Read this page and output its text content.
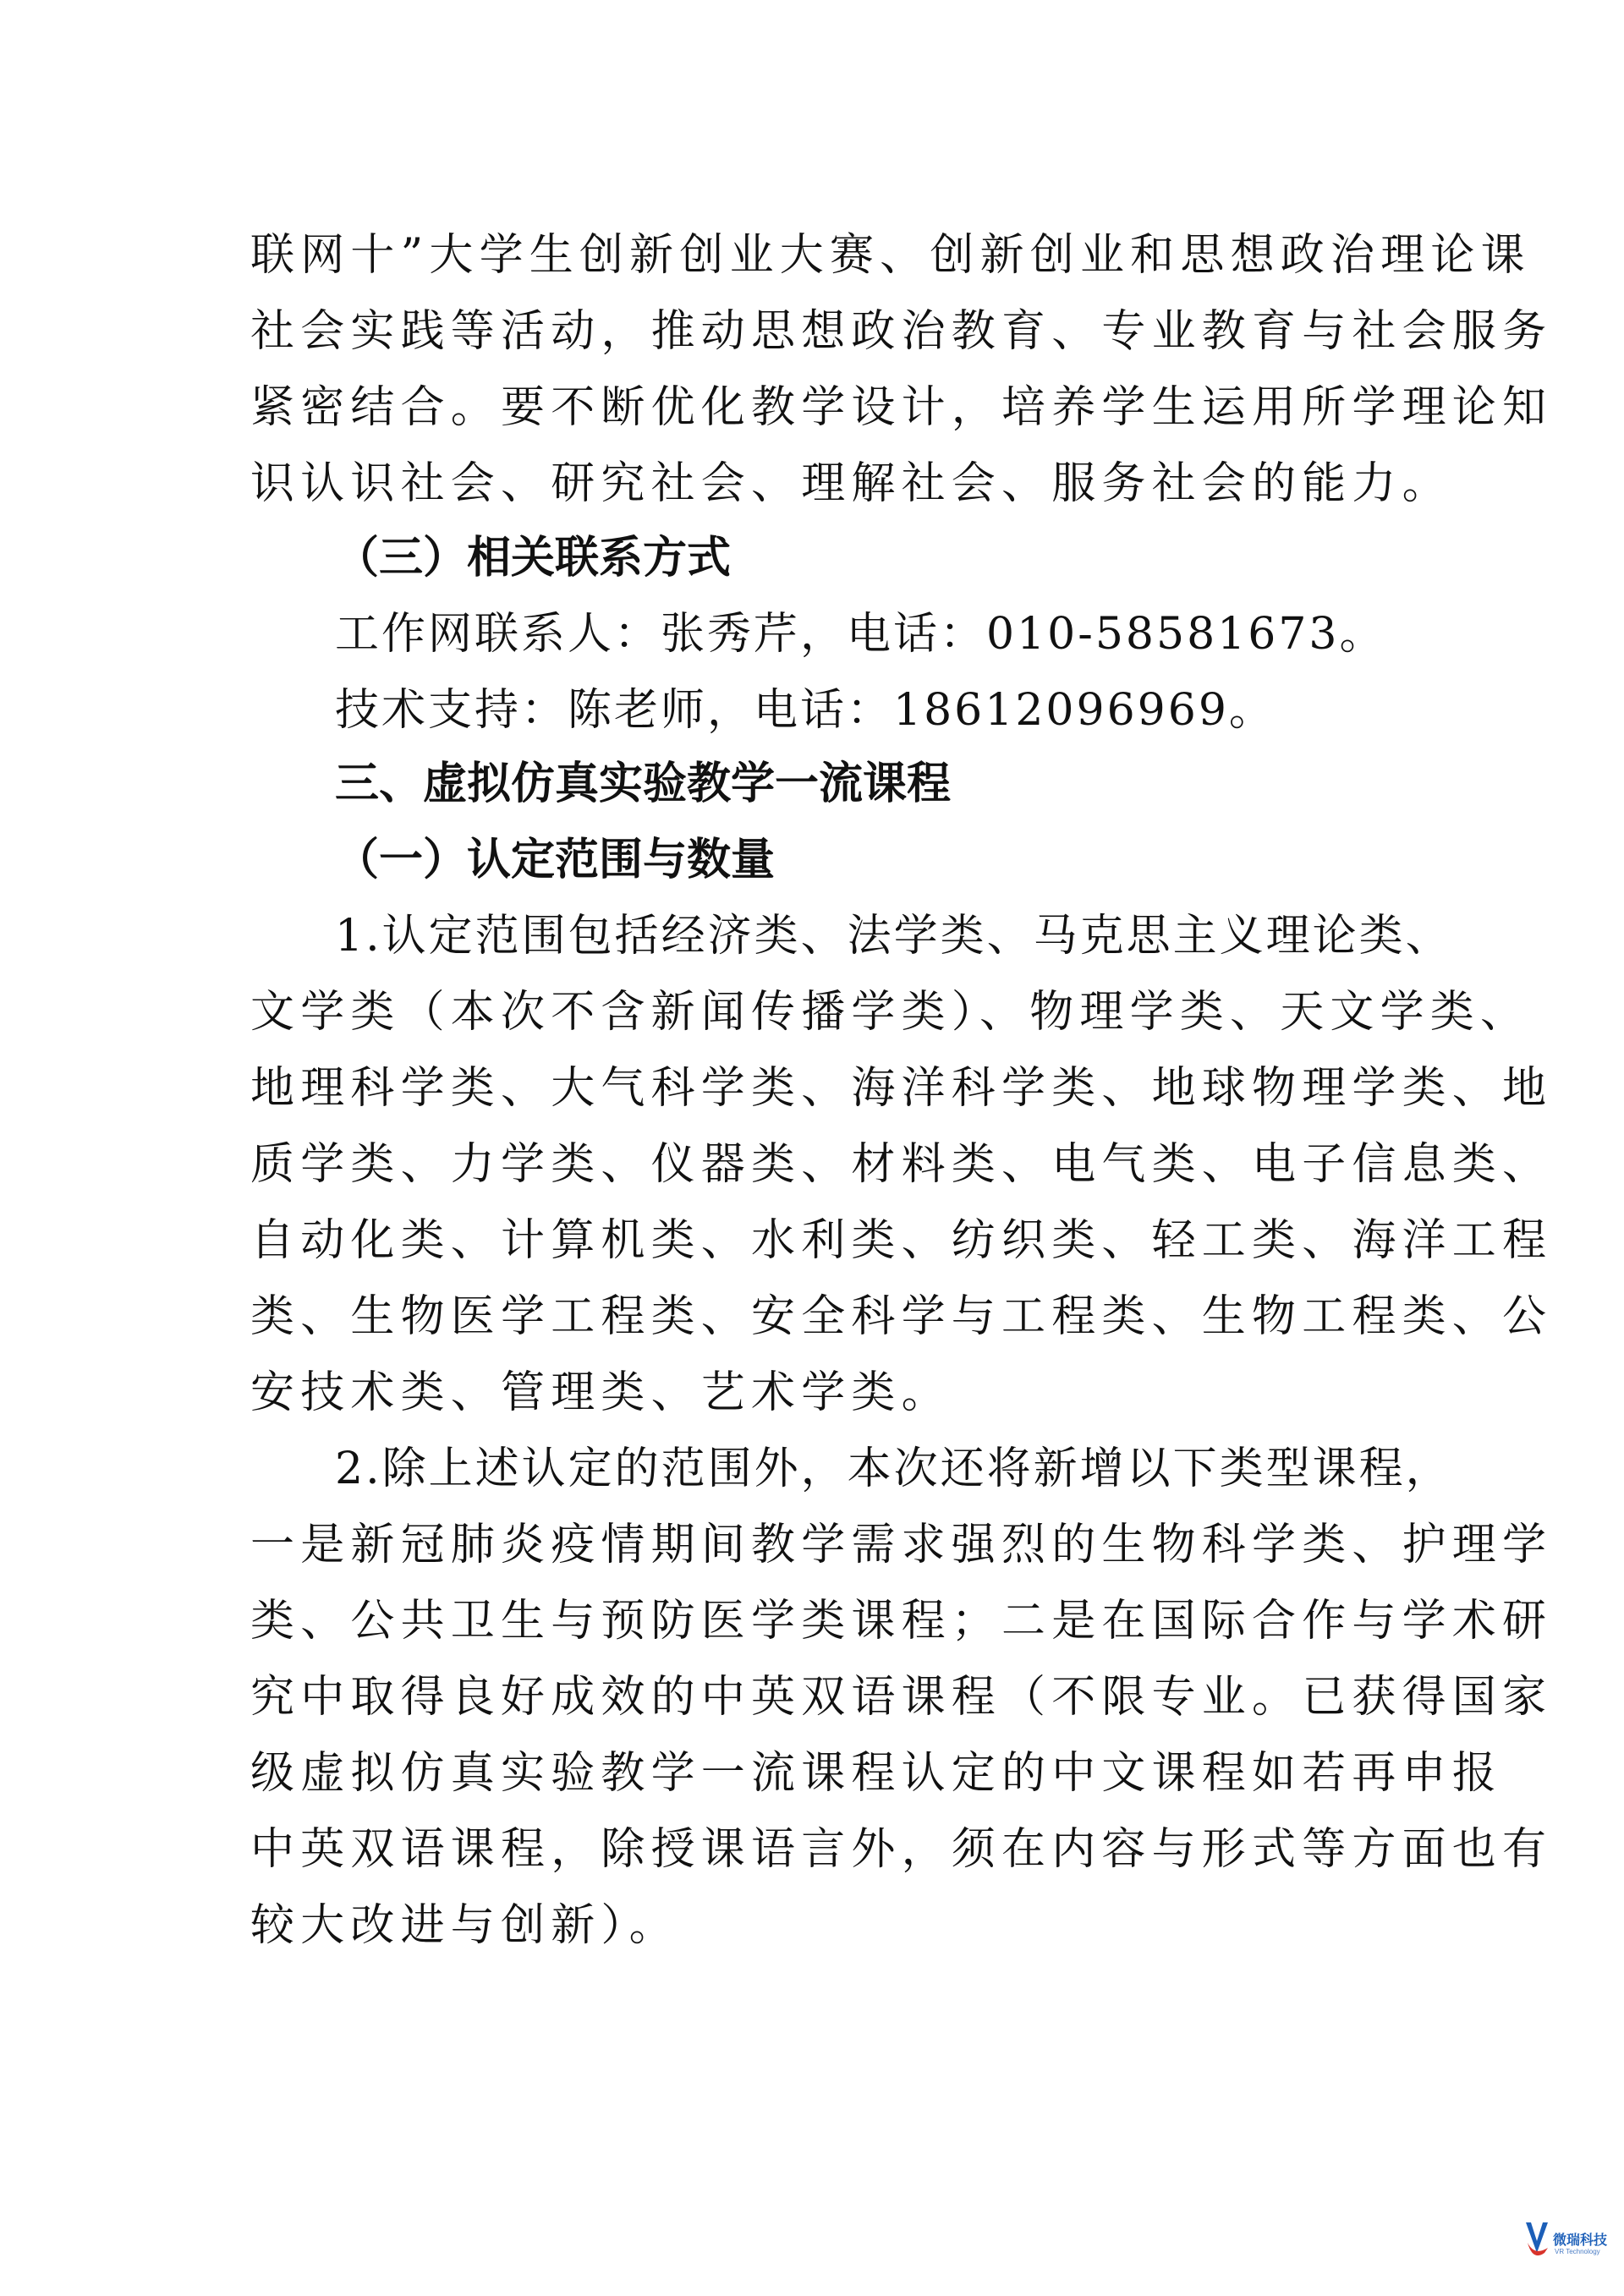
联网十”大学生创新创业大赛、创新创业和思想政治理论课

社会实践等活动，推动思想政治教育、专业教育与社会服务

紧密结合。要不断优化教学设计，培养学生运用所学理论知

识认识社会、研究社会、理解社会、服务社会的能力。

（三）相关联系方式

工作网联系人：张秀芹，电话：010-58581673。

技术支持：陈老师，电话：18612096969。

三、虚拟仿真实验教学一流课程
（一）认定范围与数量

1.认定范围包括经济类、法学类、马克思主义理论类、

文学类（本次不含新闻传播学类）、物理学类、天文学类、

地理科学类、大气科学类、海洋科学类、地球物理学类、地

质学类、力学类、仪器类、材料类、电气类、电子信息类、

自动化类、计算机类、水利类、纺织类、轻工类、海洋工程

类、生物医学工程类、安全科学与工程类、生物工程类、公

安技术类、管理类、艺术学类。

2.除上述认定的范围外，本次还将新增以下类型课程，

一是新冠肺炎疫情期间教学需求强烈的生物科学类、护理学

类、公共卫生与预防医学类课程；二是在国际合作与学术研

究中取得良好成效的中英双语课程（不限专业。已获得国家

级虚拟仿真实验教学一流课程认定的中文课程如若再申报

中英双语课程，除授课语言外，须在内容与形式等方面也有

较大改进与创新）。

微瑞科技
VR Technology
